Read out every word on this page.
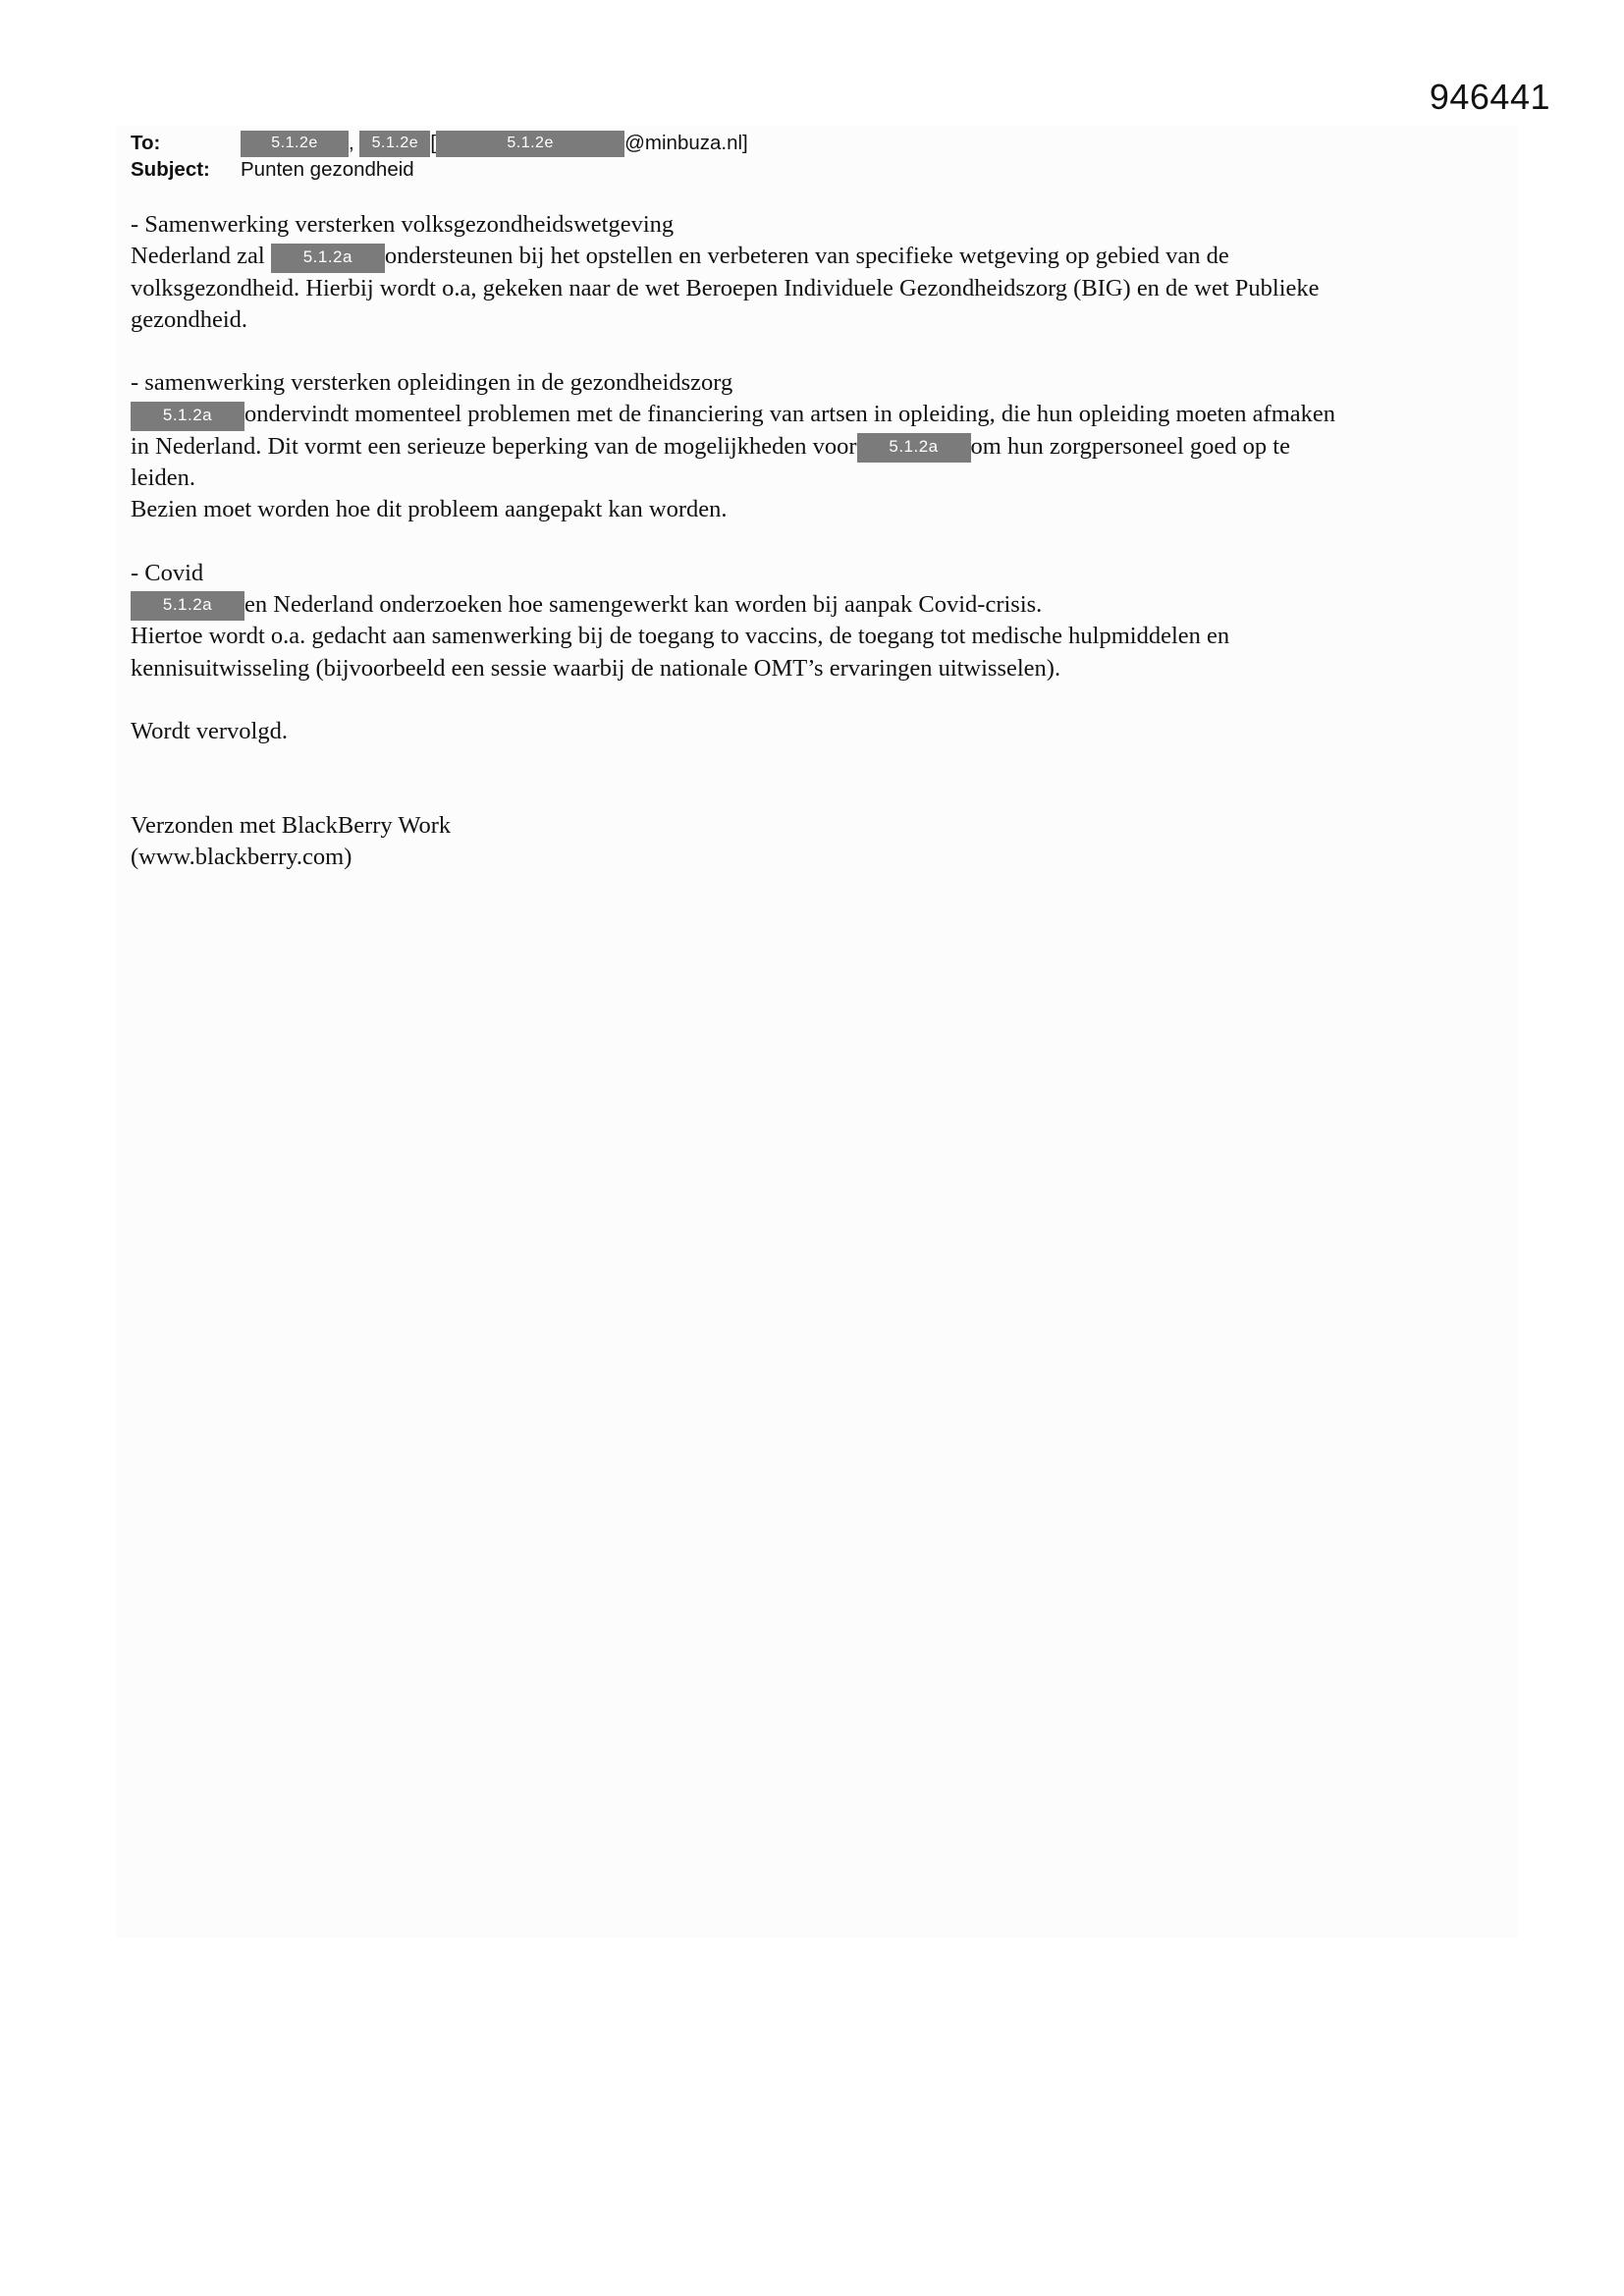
946441
To:	5.1.2e , 5.1.2e [	5.1.2e	@minbuza.nl]
Subject: Punten gezondheid

- Samenwerking versterken volksgezondheidswetgeving
Nederland zal 5.1.2a ondersteunen bij het opstellen en verbeteren van specifieke wetgeving op gebied van de
volksgezondheid. Hierbij wordt o.a, gekeken naar de wet Beroepen Individuele Gezondheidszorg (BIG) en de wet Publieke
gezondheid.

- samenwerking versterken opleidingen in de gezondheidszorg
5.1.2a ondervindt momenteel problemen met de financiering van artsen in opleiding, die hun opleiding moeten afmaken
in Nederland. Dit vormt een serieuze beperking van de mogelijkheden voor 5.1.2a om hun zorgpersoneel goed op te
leiden.
Bezien moet worden hoe dit probleem aangepakt kan worden.

- Covid
5.1.2a en Nederland onderzoeken hoe samengewerkt kan worden bij aanpak Covid-crisis.
Hiertoe wordt o.a. gedacht aan samenwerking bij de toegang to vaccins, de toegang tot medische hulpmiddelen en
kennisuitwisseling (bijvoorbeeld een sessie waarbij de nationale OMT’s ervaringen uitwisselen).

Wordt vervolgd.

Verzonden met BlackBerry Work
(www.blackberry.com)
